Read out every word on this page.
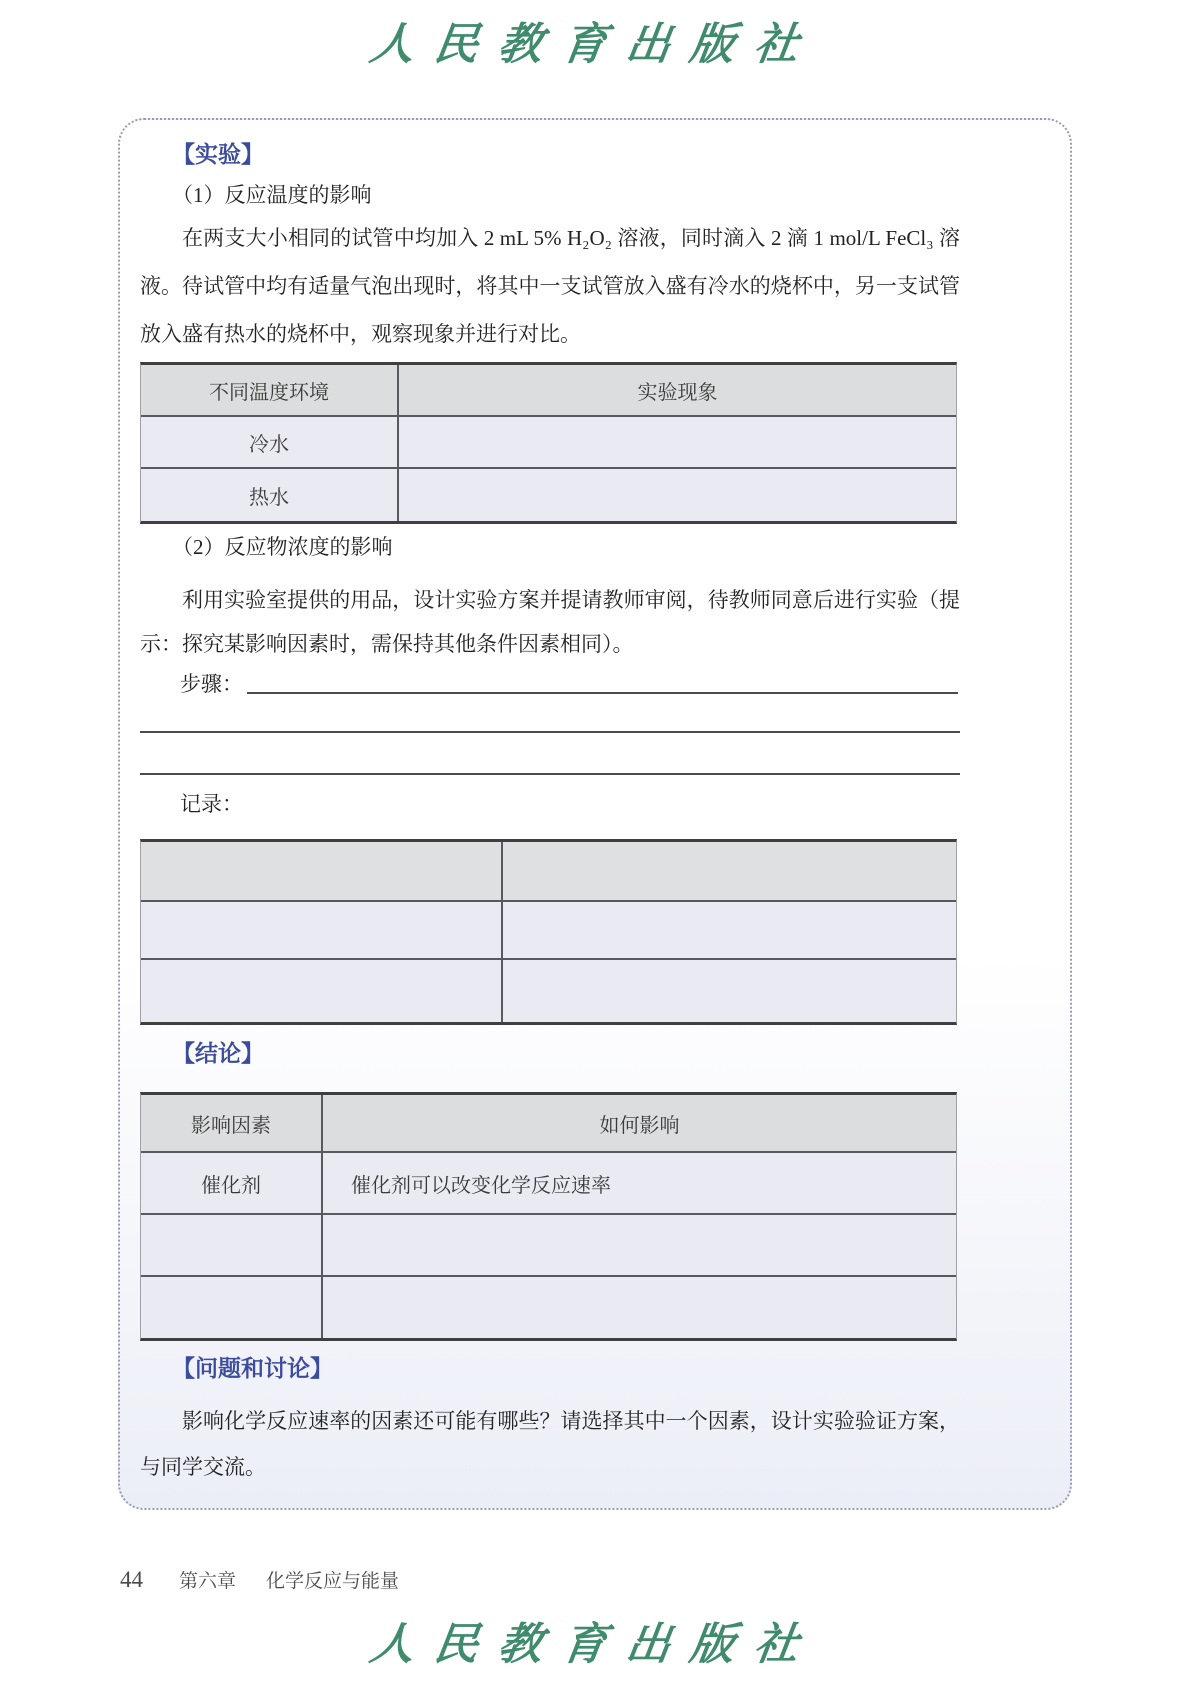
人民教育出版社
【实验】
（1）反应温度的影响

在两支大小相同的试管中均加入 2 mL 5% H₂O₂ 溶液，同时滴入 2 滴 1 mol/L FeCl₃ 溶液。待试管中均有适量气泡出现时，将其中一支试管放入盛有冷水的烧杯中，另一支试管放入盛有热水的烧杯中，观察现象并进行对比。

不同温度环境	实验现象
冷水
热水
（2）反应物浓度的影响

利用实验室提供的用品，设计实验方案并提请教师审阅，待教师同意后进行实验（提示：探究某影响因素时，需保持其他条件因素相同）。

步骤：
记录：
【结论】
影响因素	如何影响
催化剂	催化剂可以改变化学反应速率
【问题和讨论】

影响化学反应速率的因素还可能有哪些？请选择其中一个因素，设计实验验证方案，与同学交流。

44 第六章 化学反应与能量
人民教育出版社
